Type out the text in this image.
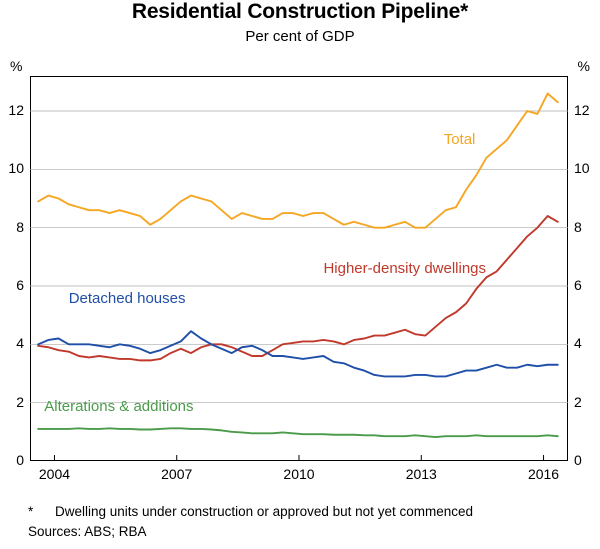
Residential Construction Pipeline*
Per cent of GDP
%	%
* Dwelling units under construction or approved but not yet commenced
Sources: ABS; RBA
0	0
2	2
4	4
6	6
8	8
10	10
12	12
2004	2007	2010	2013	2016
Total
Higher-density dwellings
Detached houses
Alterations & additions
